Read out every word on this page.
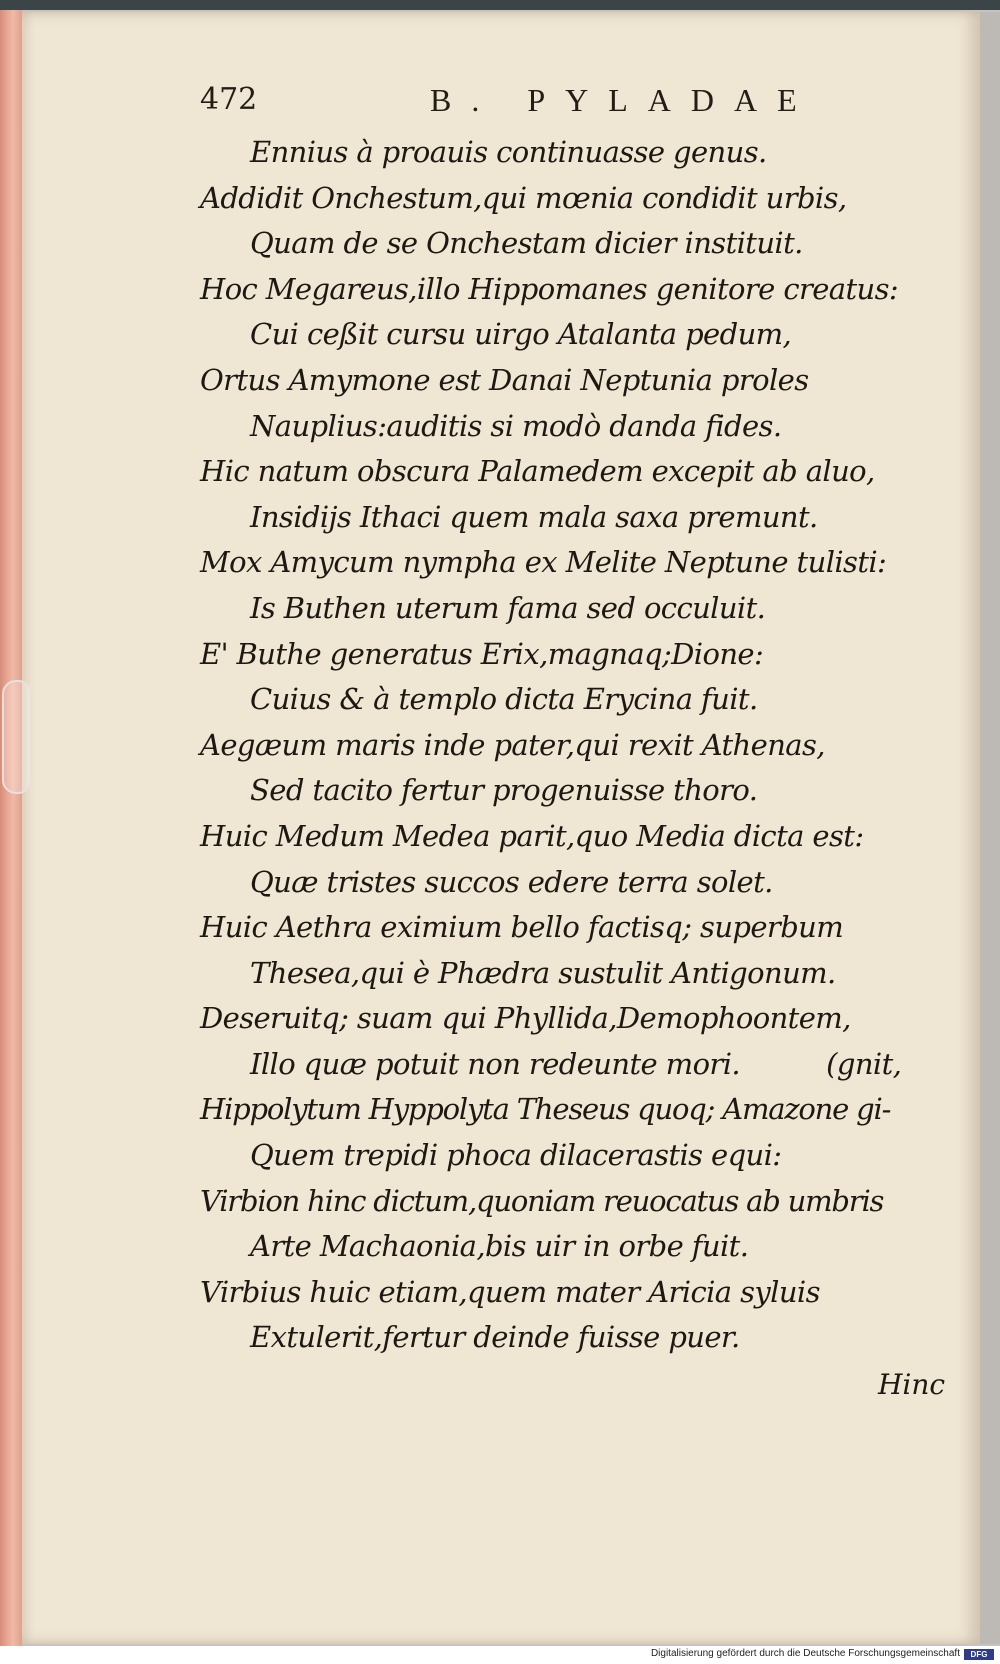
472	B. PYLADAE
Ennius à proauis continuasse genus.
Addidit Onchestum,qui mœnia condidit urbis,
Quam de se Onchestam dicier instituit.
Hoc Megareus,illo Hippomanes genitore creatus:
Cui ceßit cursu uirgo Atalanta pedum,
Ortus Amymone est Danai Neptunia proles
Nauplius:auditis si modò danda fides.
Hic natum obscura Palamedem excepit ab aluo,
Insidijs Ithaci quem mala saxa premunt.
Mox Amycum nympha ex Melite Neptune tulisti:
Is Buthen uterum fama sed occuluit.
E' Buthe generatus Erix,magnaq;Dione:
Cuius & à templo dicta Erycina fuit.
Aegæum maris inde pater,qui rexit Athenas,
Sed tacito fertur progenuisse thoro.
Huic Medum Medea parit,quo Media dicta est:
Quæ tristes succos edere terra solet.
Huic Aethra eximium bello factisq; superbum
Thesea,qui è Phædra sustulit Antigonum.
Deseruitq; suam qui Phyllida,Demophoontem,
Illo quæ potuit non redeunte mori.          (gnit,
Hippolytum Hyppolyta Theseus quoq; Amazone gi-
Quem trepidi phoca dilacerastis equi:
Virbion hinc dictum,quoniam reuocatus ab umbris
Arte Machaonia,bis uir in orbe fuit.
Virbius huic etiam,quem mater Aricia syluis
Extulerit,fertur deinde fuisse puer.
Hinc
Digitalisierung gefördert durch die Deutsche Forschungsgemeinschaft	DFG
